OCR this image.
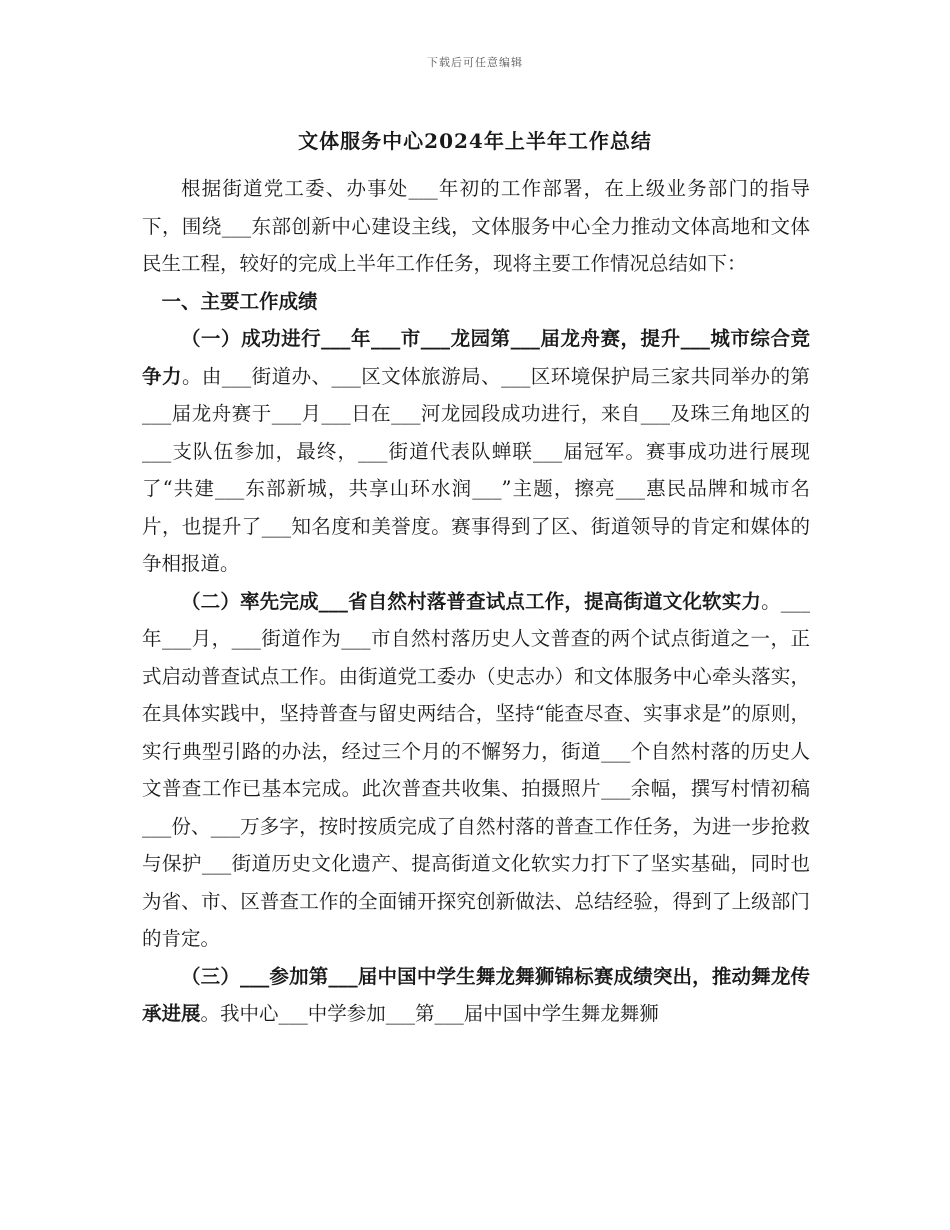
下载后可任意编辑
文体服务中心2024年上半年工作总结

根据街道党工委、办事处___年初的工作部署，在上级业务部门的指导下，围绕___东部创新中心建设主线，文体服务中心全力推动文体高地和文体民生工程，较好的完成上半年工作任务，现将主要工作情况总结如下：

一、主要工作成绩

（一）成功进行___年___市___龙园第___届龙舟赛，提升___城市综合竞争力。由___街道办、___区文体旅游局、___区环境保护局三家共同举办的第___届龙舟赛于___月___日在___河龙园段成功进行，来自___及珠三角地区的___支队伍参加，最终，___街道代表队蝉联___届冠军。赛事成功进行展现了“共建___东部新城，共享山环水润___”主题，擦亮___惠民品牌和城市名片，也提升了___知名度和美誉度。赛事得到了区、街道领导的肯定和媒体的争相报道。

（二）率先完成___省自然村落普查试点工作，提高街道文化软实力。___年___月，___街道作为___市自然村落历史人文普查的两个试点街道之一，正式启动普查试点工作。由街道党工委办（史志办）和文体服务中心牵头落实，在具体实践中，坚持普查与留史两结合，坚持“能查尽查、实事求是”的原则，实行典型引路的办法，经过三个月的不懈努力，街道___个自然村落的历史人文普查工作已基本完成。此次普查共收集、拍摄照片___余幅，撰写村情初稿___份、___万多字，按时按质完成了自然村落的普查工作任务，为进一步抢救与保护___街道历史文化遗产、提高街道文化软实力打下了坚实基础，同时也为省、市、区普查工作的全面铺开探究创新做法、总结经验，得到了上级部门的肯定。

（三）___参加第___届中国中学生舞龙舞狮锦标赛成绩突出，推动舞龙传承进展。我中心___中学参加___第___届中国中学生舞龙舞狮
